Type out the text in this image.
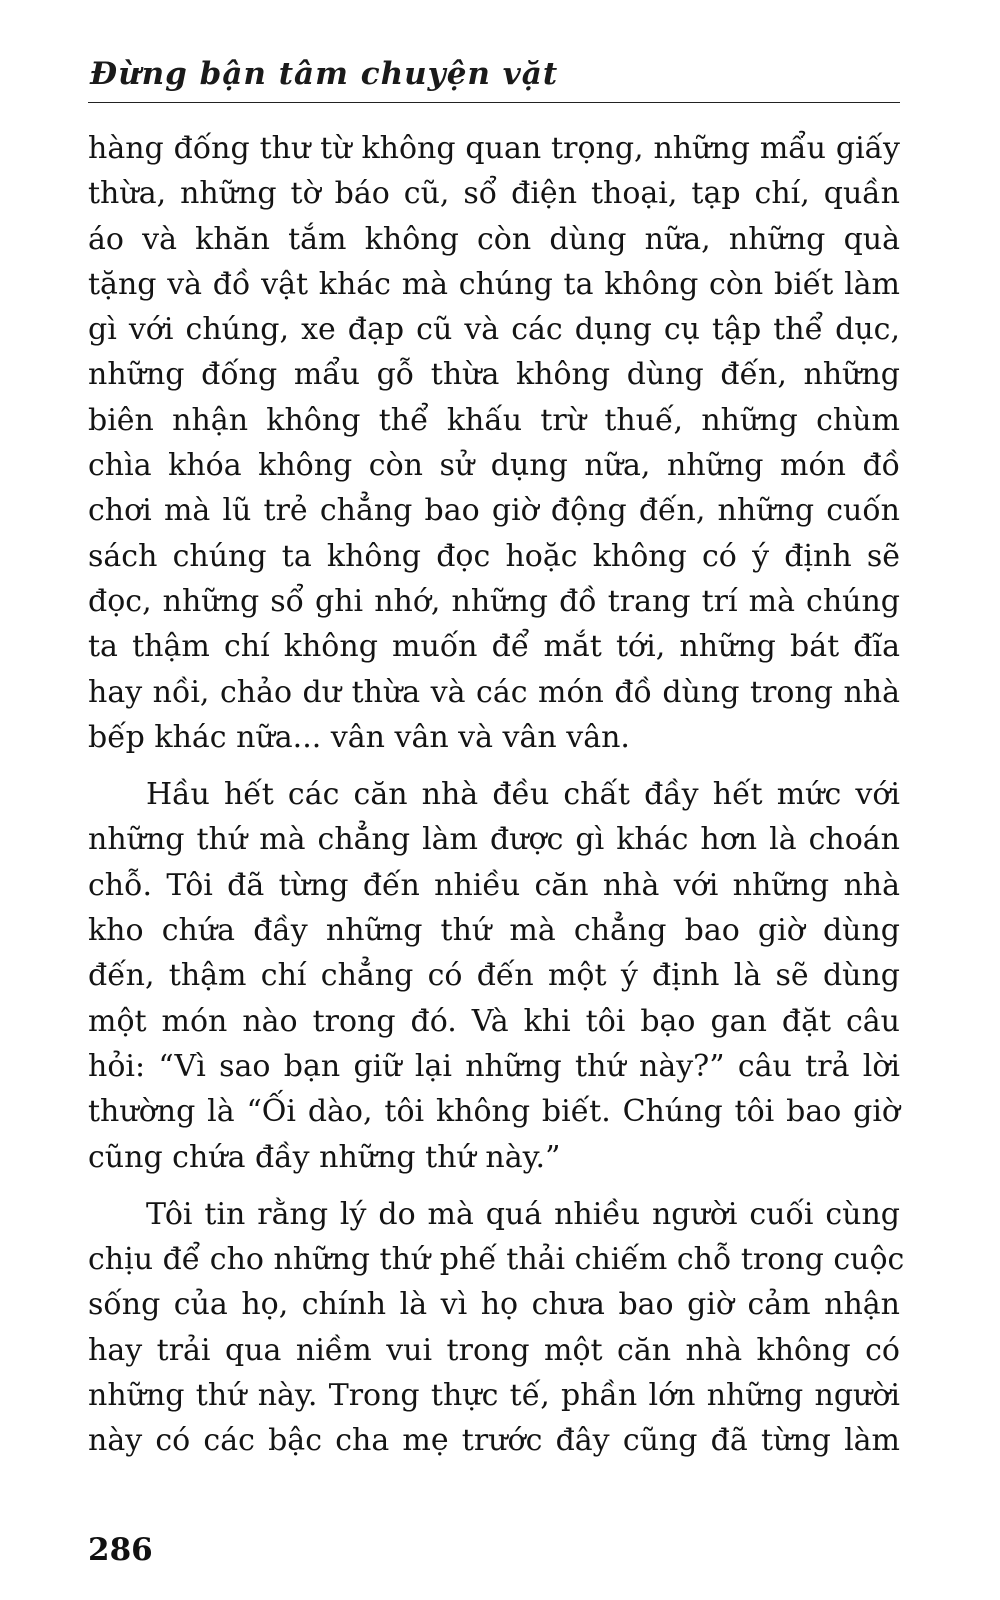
Đừng bận tâm chuyện vặt

hàng đống thư từ không quan trọng, những mẩu giấy
thừa, những tờ báo cũ, sổ điện thoại, tạp chí, quần
áo và khăn tắm không còn dùng nữa, những quà
tặng và đồ vật khác mà chúng ta không còn biết làm
gì với chúng, xe đạp cũ và các dụng cụ tập thể dục,
những đống mẩu gỗ thừa không dùng đến, những
biên nhận không thể khấu trừ thuế, những chùm
chìa khóa không còn sử dụng nữa, những món đồ
chơi mà lũ trẻ chẳng bao giờ động đến, những cuốn
sách chúng ta không đọc hoặc không có ý định sẽ
đọc, những sổ ghi nhớ, những đồ trang trí mà chúng
ta thậm chí không muốn để mắt tới, những bát đĩa
hay nồi, chảo dư thừa và các món đồ dùng trong nhà
bếp khác nữa... vân vân và vân vân.

Hầu hết các căn nhà đều chất đầy hết mức với
những thứ mà chẳng làm được gì khác hơn là choán
chỗ. Tôi đã từng đến nhiều căn nhà với những nhà
kho chứa đầy những thứ mà chẳng bao giờ dùng
đến, thậm chí chẳng có đến một ý định là sẽ dùng
một món nào trong đó. Và khi tôi bạo gan đặt câu
hỏi: “Vì sao bạn giữ lại những thứ này?” câu trả lời
thường là “Ối dào, tôi không biết. Chúng tôi bao giờ
cũng chứa đầy những thứ này.”

Tôi tin rằng lý do mà quá nhiều người cuối cùng
chịu để cho những thứ phế thải chiếm chỗ trong cuộc
sống của họ, chính là vì họ chưa bao giờ cảm nhận
hay trải qua niềm vui trong một căn nhà không có
những thứ này. Trong thực tế, phần lớn những người
này có các bậc cha mẹ trước đây cũng đã từng làm

286
